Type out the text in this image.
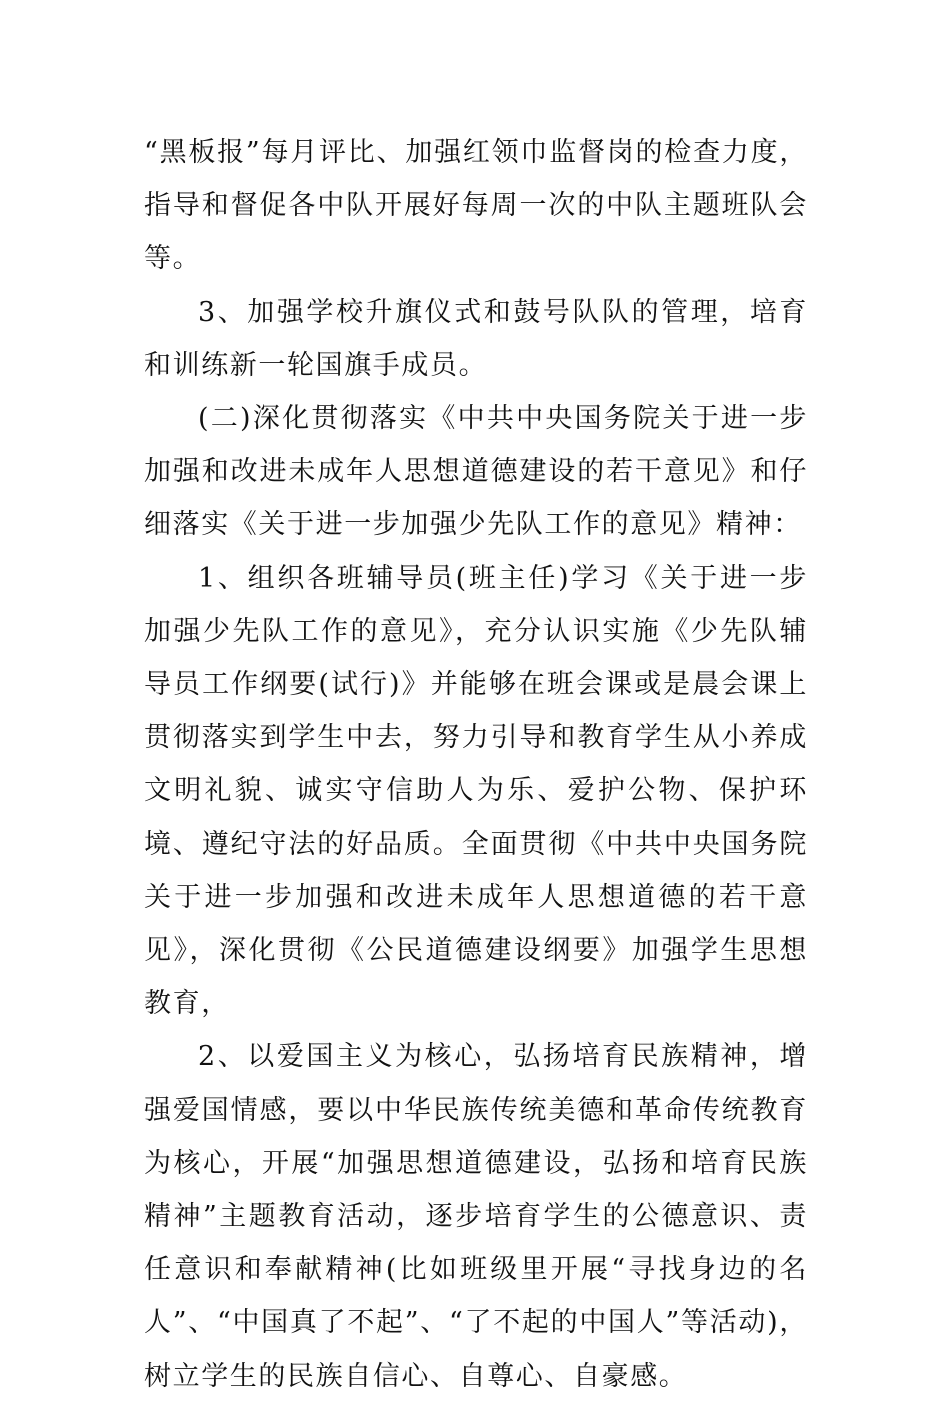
“黑板报”每月评比、加强红领巾监督岗的检查力度，指导和督促各中队开展好每周一次的中队主题班队会等。

3、加强学校升旗仪式和鼓号队队的管理，培育和训练新一轮国旗手成员。

(二)深化贯彻落实《中共中央国务院关于进一步加强和改进未成年人思想道德建设的若干意见》和仔细落实《关于进一步加强少先队工作的意见》精神：

1、组织各班辅导员(班主任)学习《关于进一步加强少先队工作的意见》，充分认识实施《少先队辅导员工作纲要(试行)》并能够在班会课或是晨会课上贯彻落实到学生中去，努力引导和教育学生从小养成文明礼貌、诚实守信助人为乐、爱护公物、保护环境、遵纪守法的好品质。全面贯彻《中共中央国务院关于进一步加强和改进未成年人思想道德的若干意见》，深化贯彻《公民道德建设纲要》加强学生思想教育，

2、以爱国主义为核心，弘扬培育民族精神，增强爱国情感，要以中华民族传统美德和革命传统教育为核心，开展“加强思想道德建设，弘扬和培育民族精神”主题教育活动，逐步培育学生的公德意识、责任意识和奉献精神(比如班级里开展“寻找身边的名人”、“中国真了不起”、“了不起的中国人”等活动)，树立学生的民族自信心、自尊心、自豪感。
